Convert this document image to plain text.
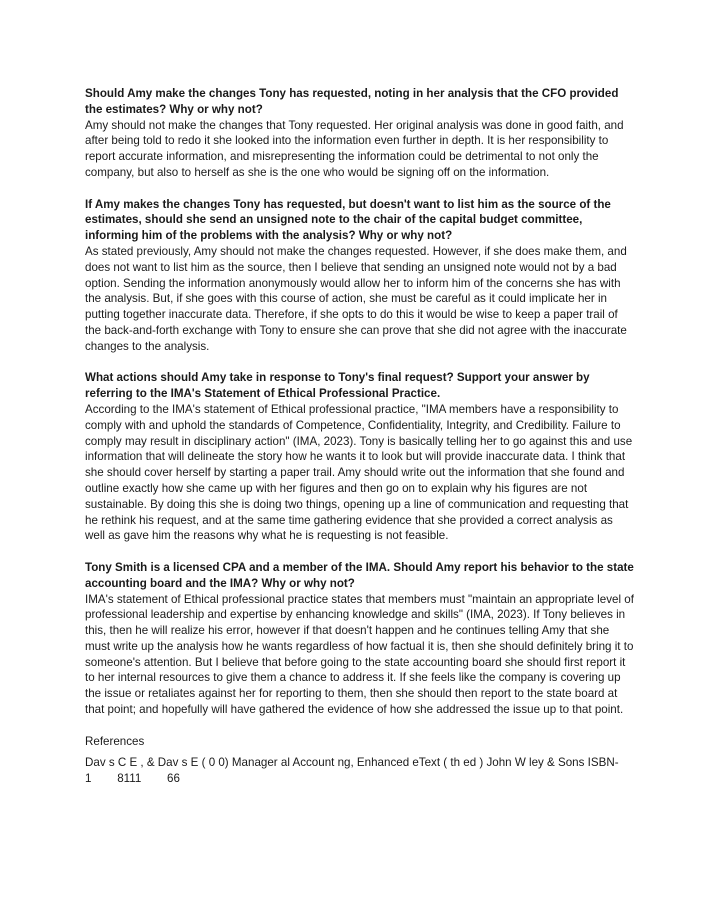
Should Amy make the changes Tony has requested, noting in her analysis that the CFO provided the estimates? Why or why not?

Amy should not make the changes that Tony requested. Her original analysis was done in good faith, and after being told to redo it she looked into the information even further in depth. It is her responsibility to report accurate information, and misrepresenting the information could be detrimental to not only the company, but also to herself as she is the one who would be signing off on the information.

If Amy makes the changes Tony has requested, but doesn't want to list him as the source of the estimates, should she send an unsigned note to the chair of the capital budget committee, informing him of the problems with the analysis? Why or why not?

As stated previously, Amy should not make the changes requested. However, if she does make them, and does not want to list him as the source, then I believe that sending an unsigned note would not by a bad option. Sending the information anonymously would allow her to inform him of the concerns she has with the analysis. But, if she goes with this course of action, she must be careful as it could implicate her in putting together inaccurate data. Therefore, if she opts to do this it would be wise to keep a paper trail of the back-and-forth exchange with Tony to ensure she can prove that she did not agree with the inaccurate changes to the analysis.

What actions should Amy take in response to Tony's final request? Support your answer by referring to the IMA's Statement of Ethical Professional Practice.

According to the IMA's statement of Ethical professional practice, "IMA members have a responsibility to comply with and uphold the standards of Competence, Confidentiality, Integrity, and Credibility. Failure to comply may result in disciplinary action" (IMA, 2023). Tony is basically telling her to go against this and use information that will delineate the story how he wants it to look but will provide inaccurate data. I think that she should cover herself by starting a paper trail. Amy should write out the information that she found and outline exactly how she came up with her figures and then go on to explain why his figures are not sustainable. By doing this she is doing two things, opening up a line of communication and requesting that he rethink his request, and at the same time gathering evidence that she provided a correct analysis as well as gave him the reasons why what he is requesting is not feasible.

Tony Smith is a licensed CPA and a member of the IMA. Should Amy report his behavior to the state accounting board and the IMA? Why or why not?

IMA's statement of Ethical professional practice states that members must "maintain an appropriate level of professional leadership and expertise by enhancing knowledge and skills" (IMA, 2023). If Tony believes in this, then he will realize his error, however if that doesn't happen and he continues telling Amy that she must write up the analysis how he wants regardless of how factual it is, then she should definitely bring it to someone's attention. But I believe that before going to the state accounting board she should first report it to her internal resources to give them a chance to address it. If she feels like the company is covering up the issue or retaliates against her for reporting to them, then she should then report to the state board at that point; and hopefully will have gathered the evidence of how she addressed the issue up to that point.

References

Dav s C E , & Dav s E ( 0 0) Manager al Account ng, Enhanced eText ( th ed ) John W ley & Sons ISBN-
1        8111        66
